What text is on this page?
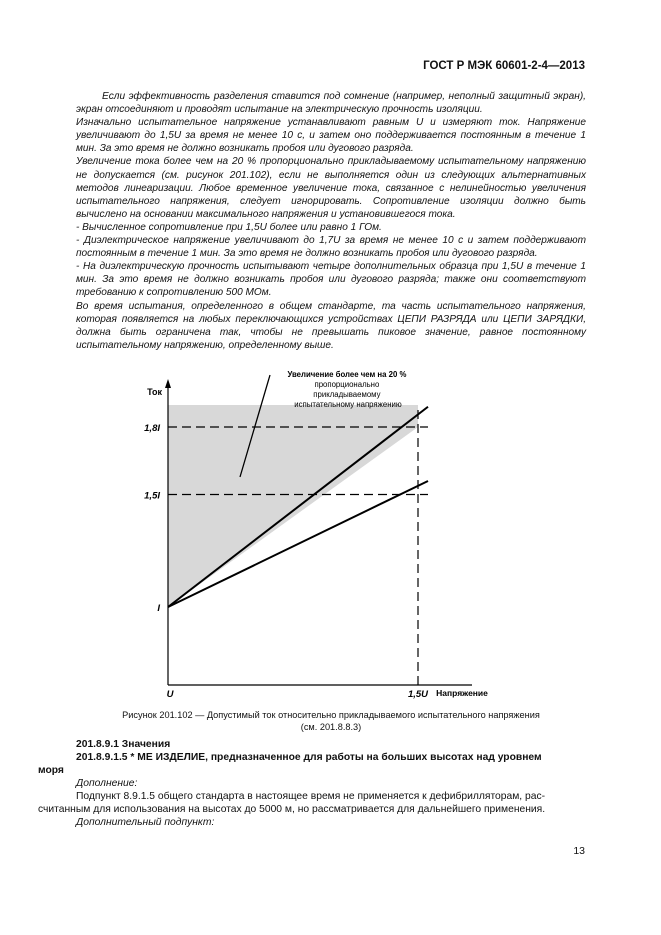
ГОСТ Р МЭК 60601-2-4—2013

Если эффективность разделения ставится под сомнение (например, неполный защитный экран), экран отсоединяют и проводят испытание на электрическую прочность изоляции.

Изначально испытательное напряжение устанавливают равным U и измеряют ток. Напряжение увеличивают до 1,5U за время не менее 10 с, и затем оно поддерживается постоянным в течение 1 мин. За это время не должно возникать пробоя или дугового разряда.

Увеличение тока более чем на 20 % пропорционально прикладываемому испытательному напряжению не допускается (см. рисунок 201.102), если не выполняется один из следующих альтернативных методов линеаризации. Любое временное увеличение тока, связанное с нелинейностью увеличения испытательного напряжения, следует игнорировать. Сопротивление изоляции должно быть вычислено на основании максимального напряжения и установившегося тока.

- Вычисленное сопротивление при 1,5U более или равно 1 ГОм.

- Диэлектрическое напряжение увеличивают до 1,7U за время не менее 10 с и затем поддерживают постоянным в течение 1 мин. За это время не должно возникать пробоя или дугового разряда.

- На диэлектрическую прочность испытывают четыре дополнительных образца при 1,5U в течение 1 мин. За это время не должно возникать пробоя или дугового разряда; также они соответствуют требованию к сопротивлению 500 МОм.

Во время испытания, определенного в общем стандарте, та часть испытательного напряжения, которая появляется на любых переключающихся устройствах ЦЕПИ РАЗРЯДА или ЦЕПИ ЗАРЯДКИ, должна быть ограничена так, чтобы не превышать пиковое значение, равное постоянному испытательному напряжению, определенному выше.

I
1,5I
1,8I
U	1,5U
Ток
Напряжение
Увеличение более чем на 20 % пропорционально прикладываемому испытательному напряжению
Рисунок 201.102 — Допустимый ток относительно прикладываемого испытательного напряжения
(см. 201.8.8.3)
201.8.9.1 Значения
201.8.9.1.5 * МЕ ИЗДЕЛИЕ, предназначенное для работы на больших высотах над уровнем
моря
Дополнение:
Подпункт 8.9.1.5 общего стандарта в настоящее время не применяется к дефибрилляторам, рас-
считанным для использования на высотах до 5000 м, но рассматривается для дальнейшего применения.
Дополнительный подпункт:
13
